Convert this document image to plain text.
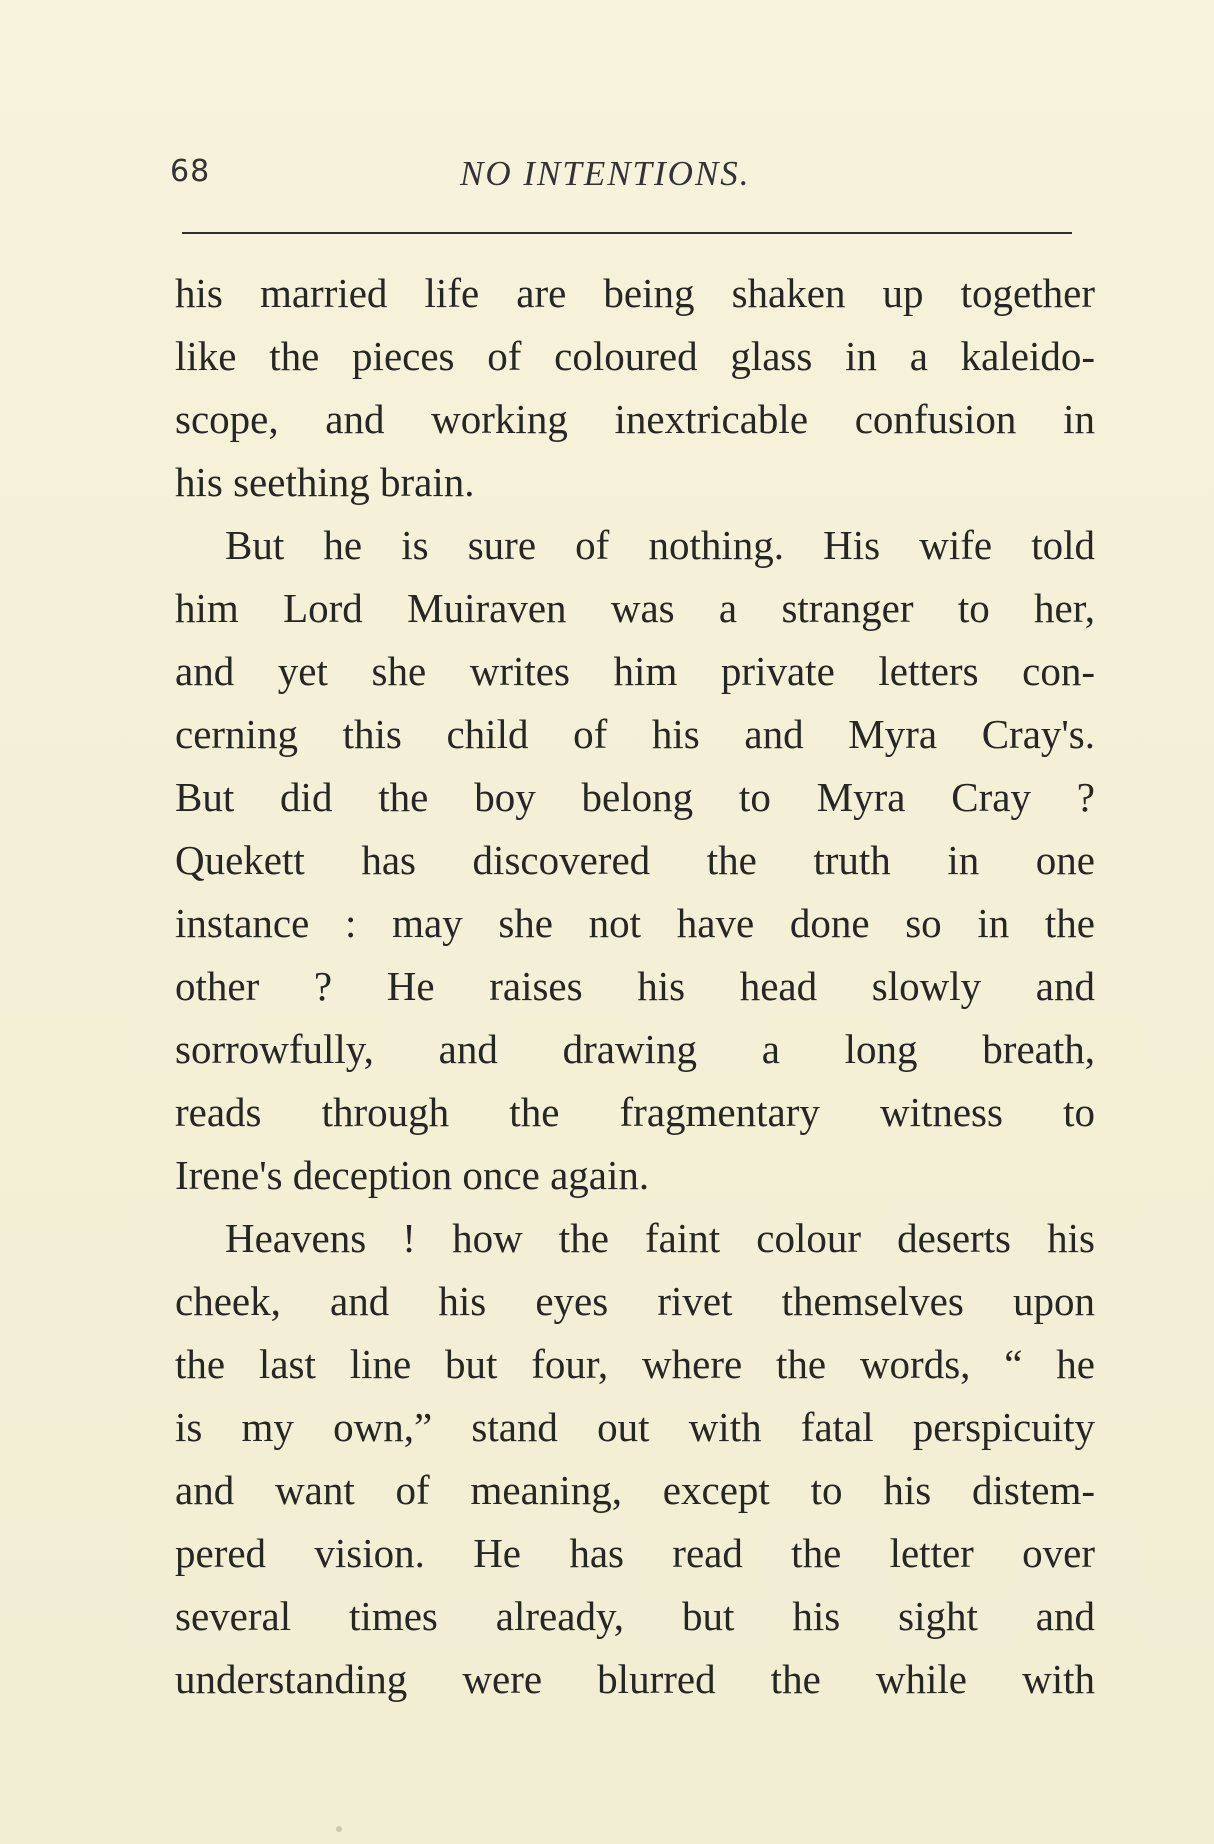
68	NO INTENTIONS.
his married life are being shaken up together
like the pieces of coloured glass in a kaleido-
scope, and working inextricable confusion in
his seething brain.
But he is sure of nothing. His wife told
him Lord Muiraven was a stranger to her,
and yet she writes him private letters con-
cerning this child of his and Myra Cray's.
But did the boy belong to Myra Cray ?
Quekett has discovered the truth in one
instance : may she not have done so in the
other ? He raises his head slowly and
sorrowfully, and drawing a long breath,
reads through the fragmentary witness to
Irene's deception once again.
Heavens ! how the faint colour deserts his
cheek, and his eyes rivet themselves upon
the last line but four, where the words, “ he
is my own,” stand out with fatal perspicuity
and want of meaning, except to his distem-
pered vision. He has read the letter over
several times already, but his sight and
understanding were blurred the while with
